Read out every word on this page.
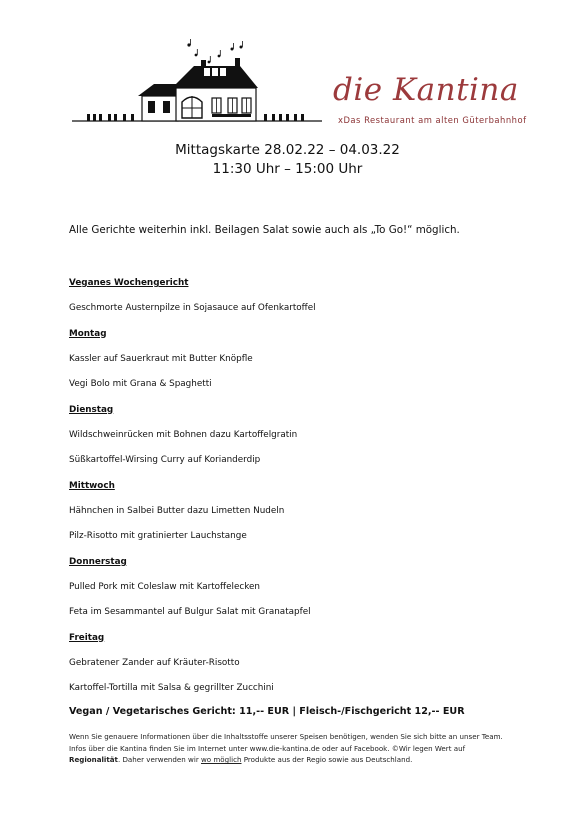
die Kantina
xDas Restaurant am alten Güterbahnhof
Mittagskarte 28.02.22 – 04.03.22
11:30 Uhr – 15:00 Uhr
Alle Gerichte weiterhin inkl. Beilagen Salat sowie auch als „To Go!“ möglich.
Veganes Wochengericht
Geschmorte Austernpilze in Sojasauce auf Ofenkartoffel
Montag
Kassler auf Sauerkraut mit Butter Knöpfle
Vegi Bolo mit Grana & Spaghetti
Dienstag
Wildschweinrücken mit Bohnen dazu Kartoffelgratin
Süßkartoffel-Wirsing Curry auf Korianderdip
Mittwoch
Hähnchen in Salbei Butter dazu Limetten Nudeln
Pilz-Risotto mit gratinierter Lauchstange
Donnerstag
Pulled Pork mit Coleslaw mit Kartoffelecken
Feta im Sesammantel auf Bulgur Salat mit Granatapfel
Freitag
Gebratener Zander auf Kräuter-Risotto
Kartoffel-Tortilla mit Salsa & gegrillter Zucchini
Vegan / Vegetarisches Gericht: 11,-- EUR | Fleisch-/Fischgericht 12,-- EUR
Wenn Sie genauere Informationen über die Inhaltsstoffe unserer Speisen benötigen, wenden Sie sich bitte an unser Team.
Infos über die Kantina finden Sie im Internet unter www.die-kantina.de oder auf Facebook. ©Wir legen Wert auf
Regionalität. Daher verwenden wir wo möglich Produkte aus der Regio sowie aus Deutschland.
